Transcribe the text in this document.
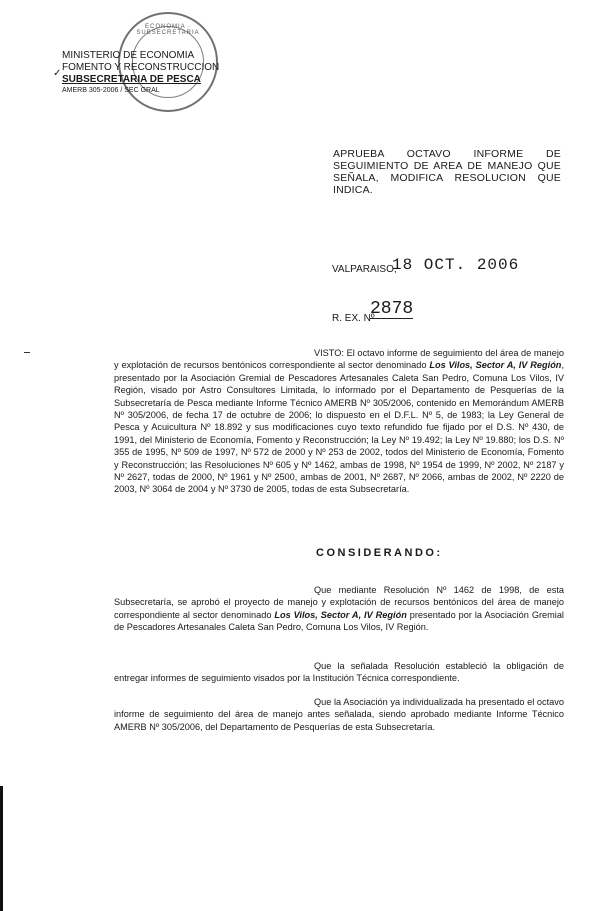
ECONOMIA · SUBSECRETARIA
✓
MINISTERIO DE ECONOMIA
FOMENTO Y RECONSTRUCCION
SUBSECRETARIA DE PESCA
AMERB 305-2006 / SEC GRAL
APRUEBA OCTAVO INFORME DE SEGUIMIENTO DE AREA DE MANEJO QUE SEÑALA, MODIFICA RESOLUCION QUE INDICA.
VALPARAISO,
18 OCT. 2006
R. EX. Nº
2878
VISTO: El octavo informe de seguimiento del área de manejo y explotación de recursos bentónicos correspondiente al sector denominado Los Vilos, Sector A, IV Región, presentado por la Asociación Gremial de Pescadores Artesanales Caleta San Pedro, Comuna Los Vilos, IV Región, visado por Astro Consultores Limitada, lo informado por el Departamento de Pesquerías de la Subsecretaría de Pesca mediante Informe Técnico AMERB Nº 305/2006, contenido en Memorándum AMERB Nº 305/2006, de fecha 17 de octubre de 2006; lo dispuesto en el D.F.L. Nº 5, de 1983; la Ley General de Pesca y Acuicultura Nº 18.892 y sus modificaciones cuyo texto refundido fue fijado por el D.S. Nº 430, de 1991, del Ministerio de Economía, Fomento y Reconstrucción; la Ley Nº 19.492; la Ley Nº 19.880; los D.S. Nº 355 de 1995, Nº 509 de 1997, Nº 572 de 2000 y Nº 253 de 2002, todos del Ministerio de Economía, Fomento y Reconstrucción; las Resoluciones Nº 605 y Nº 1462, ambas de 1998, Nº 1954 de 1999, Nº 2002, Nº 2187 y Nº 2627, todas de 2000, Nº 1961 y Nº 2500, ambas de 2001, Nº 2687, Nº 2066, ambas de 2002, Nº 2220 de 2003, Nº 3064 de 2004 y Nº 3730 de 2005, todas de esta Subsecretaría.
CONSIDERANDO:
Que mediante Resolución Nº 1462 de 1998, de esta Subsecretaría, se aprobó el proyecto de manejo y explotación de recursos bentónicos del área de manejo correspondiente al sector denominado Los Vilos, Sector A, IV Región presentado por la Asociación Gremial de Pescadores Artesanales Caleta San Pedro, Comuna Los Vilos, IV Región.
Que la señalada Resolución estableció la obligación de entregar informes de seguimiento visados por la Institución Técnica correspondiente.
Que la Asociación ya individualizada ha presentado el octavo informe de seguimiento del área de manejo antes señalada, siendo aprobado mediante Informe Técnico AMERB Nº 305/2006, del Departamento de Pesquerías de esta Subsecretaría.
